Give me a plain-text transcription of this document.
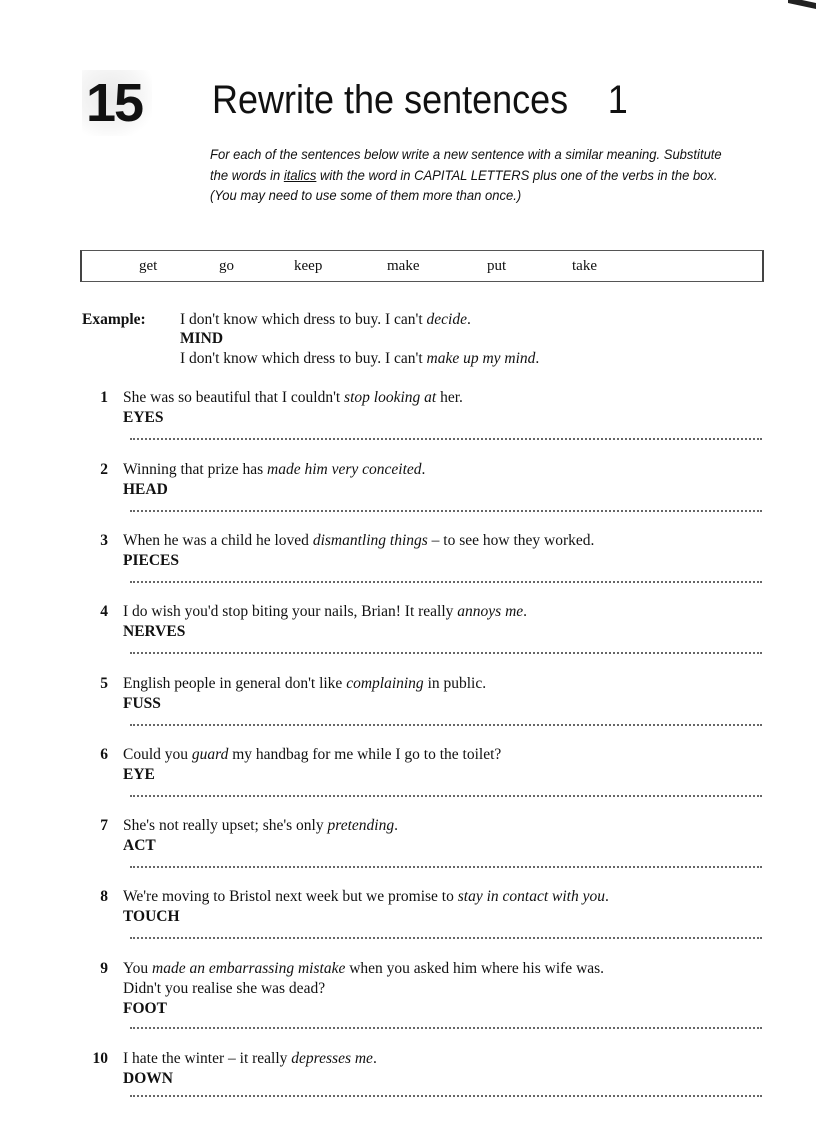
15 Rewrite the sentences 1
For each of the sentences below write a new sentence with a similar meaning. Substitute the words in italics with the word in CAPITAL LETTERS plus one of the verbs in the box. (You may need to use some of them more than once.)
get	go	keep	make	put	take
Example: I don't know which dress to buy. I can't decide.
MIND
I don't know which dress to buy. I can't make up my mind.
1 She was so beautiful that I couldn't stop looking at her.
EYES
2 Winning that prize has made him very conceited.
HEAD
3 When he was a child he loved dismantling things – to see how they worked.
PIECES
4 I do wish you'd stop biting your nails, Brian! It really annoys me.
NERVES
5 English people in general don't like complaining in public.
FUSS
6 Could you guard my handbag for me while I go to the toilet?
EYE
7 She's not really upset; she's only pretending.
ACT
8 We're moving to Bristol next week but we promise to stay in contact with you.
TOUCH
9 You made an embarrassing mistake when you asked him where his wife was.
Didn't you realise she was dead?
FOOT
10 I hate the winter – it really depresses me.
DOWN
